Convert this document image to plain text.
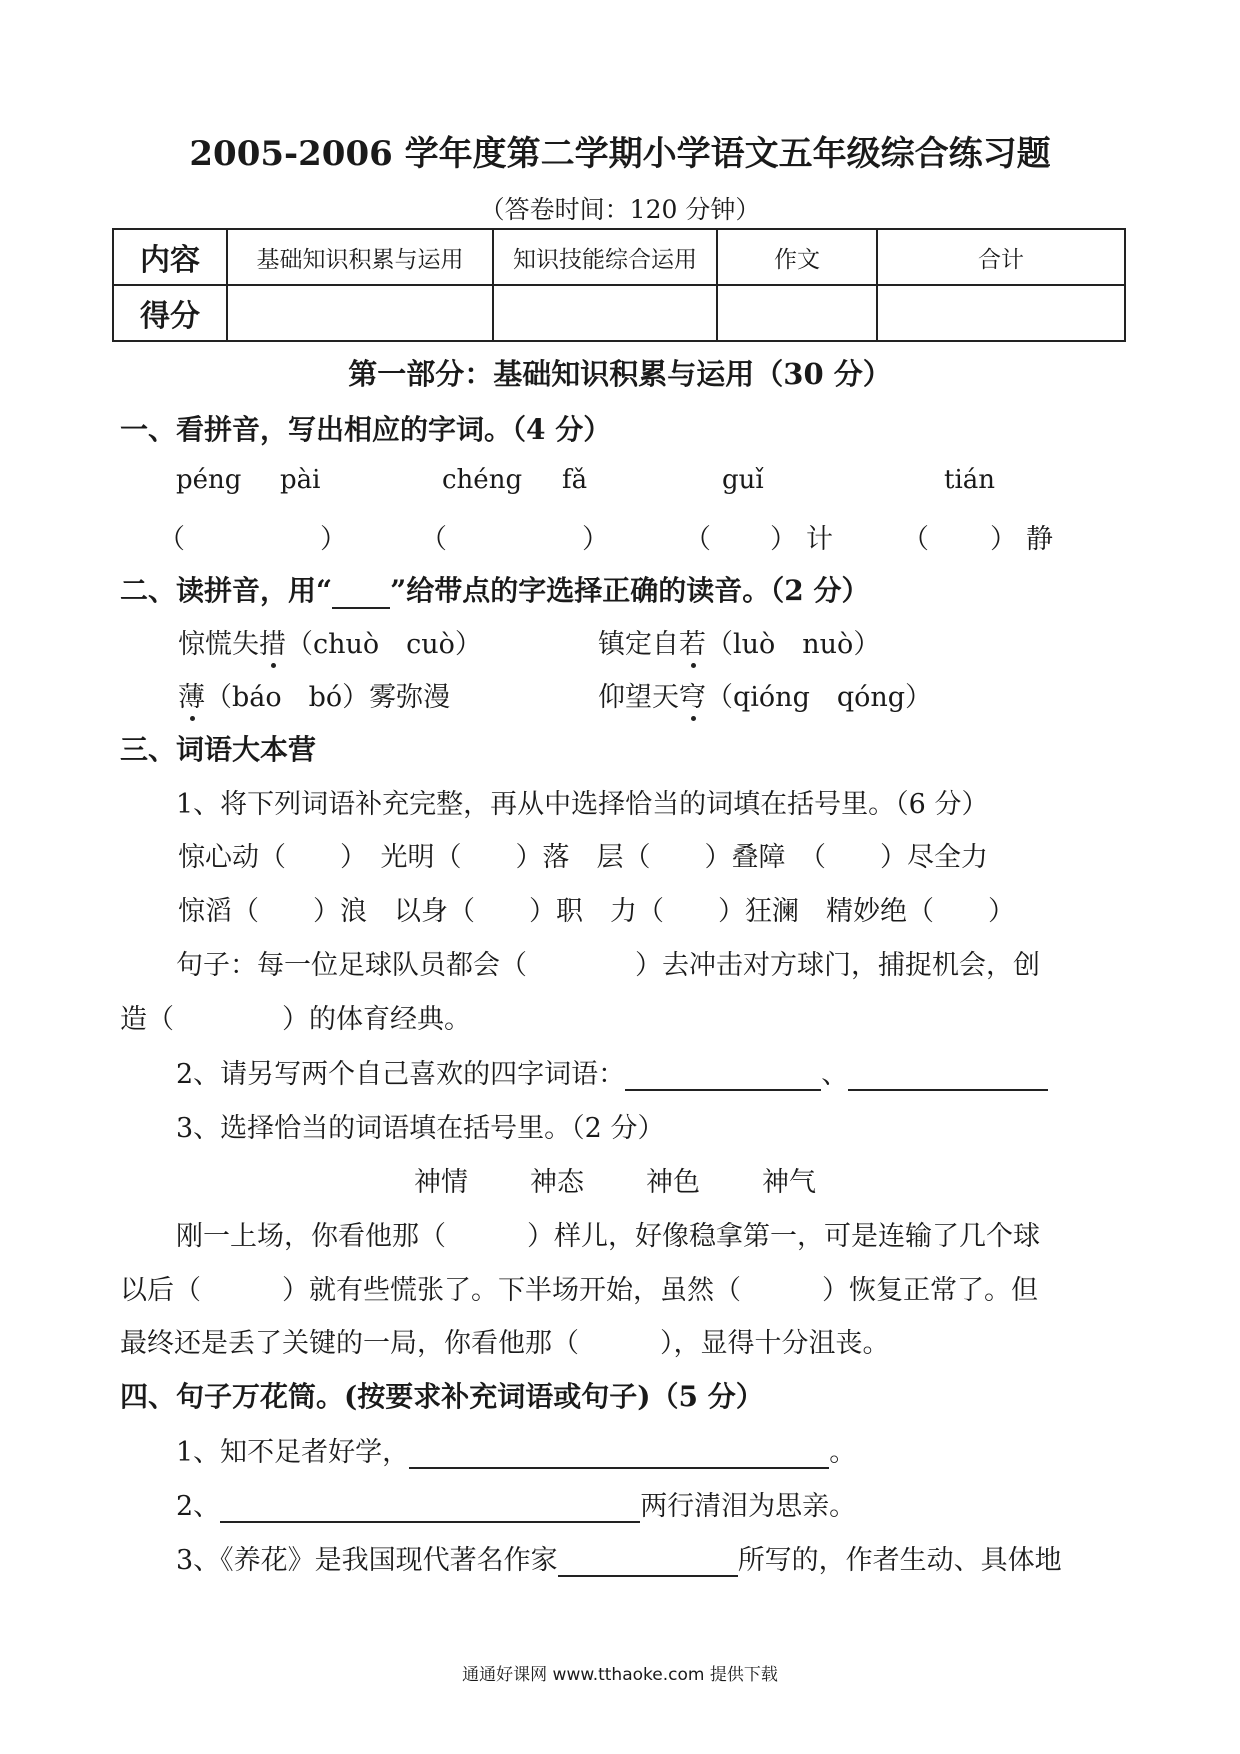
2005-2006 学年度第二学期小学语文五年级综合练习题
（答卷时间：120 分钟）
内容	基础知识积累与运用	知识技能综合运用	作文	合计
得分				
第一部分：基础知识积累与运用（30 分）
一、看拼音，写出相应的字词。（4 分）
péng pài	chéng fǎ	guǐ	tián
（	）	（	）	（ ） 计	（ ） 静
二、读拼音，用“ ”给带点的字选择正确的读音。（2 分）
惊慌失措（chuò　cuò）	镇定自若（luò　nuò）
薄（báo　bó）雾弥漫	仰望天穹（qióng　qóng）
三、词语大本营
1、将下列词语补充完整，再从中选择恰当的词填在括号里。（6 分）
惊心动（　　）　光明（　　）落　层（　　）叠障　（　　）尽全力
惊滔（　　）浪　以身（　　）职　力（　　）狂澜　精妙绝（　　）
句子：每一位足球队员都会（　　　　）去冲击对方球门，捕捉机会，创
造（　　　　）的体育经典。
2、请另写两个自己喜欢的四字词语：	、
3、选择恰当的词语填在括号里。（2 分）
神情 神态 神色 神气
刚一上场，你看他那（　　　）样儿，好像稳拿第一，可是连输了几个球
以后（　　　）就有些慌张了。下半场开始，虽然（　　　）恢复正常了。但
最终还是丢了关键的一局，你看他那（　　　），显得十分沮丧。
四、句子万花筒。(按要求补充词语或句子)（5 分）
1、知不足者好学，	。
2、	两行清泪为思亲。
3、《养花》是我国现代著名作家	所写的，作者生动、具体地
通通好课网 www.tthaoke.com 提供下载
